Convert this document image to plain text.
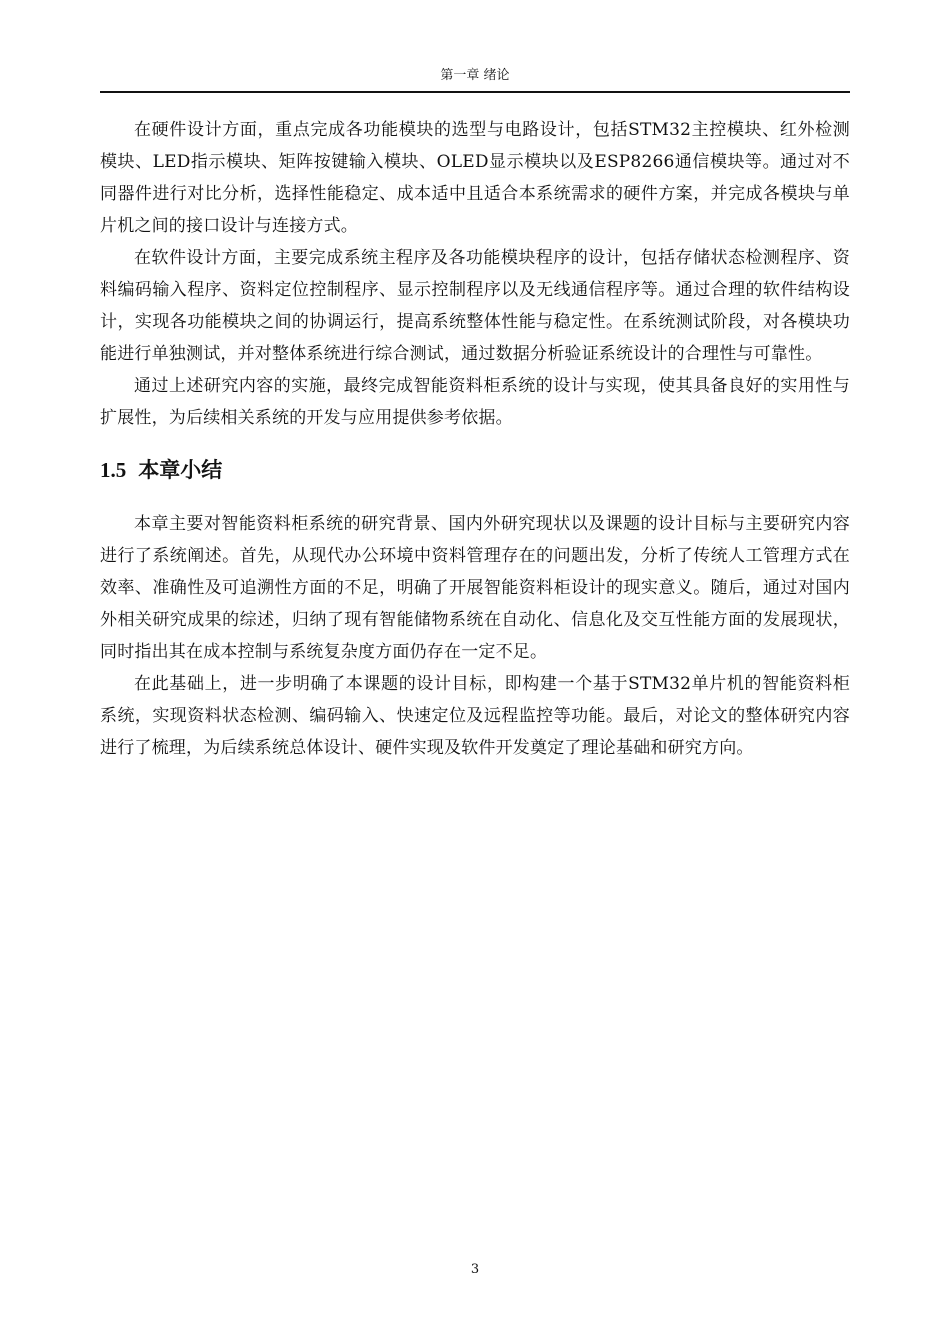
第一章 绪论

在硬件设计方面，重点完成各功能模块的选型与电路设计，包括STM32主控模块、红外检测模块、LED指示模块、矩阵按键输入模块、OLED显示模块以及ESP8266通信模块等。通过对不同器件进行对比分析，选择性能稳定、成本适中且适合本系统需求的硬件方案，并完成各模块与单片机之间的接口设计与连接方式。

在软件设计方面，主要完成系统主程序及各功能模块程序的设计，包括存储状态检测程序、资料编码输入程序、资料定位控制程序、显示控制程序以及无线通信程序等。通过合理的软件结构设计，实现各功能模块之间的协调运行，提高系统整体性能与稳定性。在系统测试阶段，对各模块功能进行单独测试，并对整体系统进行综合测试，通过数据分析验证系统设计的合理性与可靠性。

通过上述研究内容的实施，最终完成智能资料柜系统的设计与实现，使其具备良好的实用性与扩展性，为后续相关系统的开发与应用提供参考依据。

1.5 本章小结

本章主要对智能资料柜系统的研究背景、国内外研究现状以及课题的设计目标与主要研究内容进行了系统阐述。首先，从现代办公环境中资料管理存在的问题出发，分析了传统人工管理方式在效率、准确性及可追溯性方面的不足，明确了开展智能资料柜设计的现实意义。随后，通过对国内外相关研究成果的综述，归纳了现有智能储物系统在自动化、信息化及交互性能方面的发展现状，同时指出其在成本控制与系统复杂度方面仍存在一定不足。

在此基础上，进一步明确了本课题的设计目标，即构建一个基于STM32单片机的智能资料柜系统，实现资料状态检测、编码输入、快速定位及远程监控等功能。最后，对论文的整体研究内容进行了梳理，为后续系统总体设计、硬件实现及软件开发奠定了理论基础和研究方向。

3
